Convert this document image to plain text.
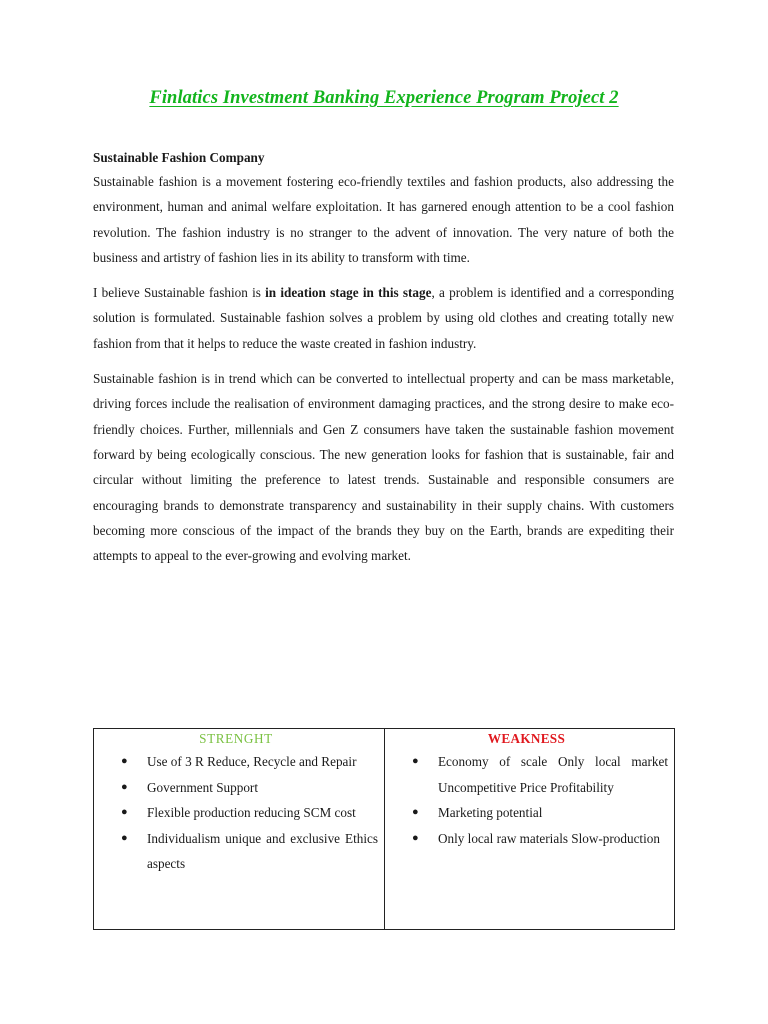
Finlatics Investment Banking Experience Program Project 2

Sustainable Fashion Company

Sustainable fashion is a movement fostering eco-friendly textiles and fashion products, also addressing the environment, human and animal welfare exploitation. It has garnered enough attention to be a cool fashion revolution. The fashion industry is no stranger to the advent of innovation. The very nature of both the business and artistry of fashion lies in its ability to transform with time.

I believe Sustainable fashion is in ideation stage in this stage, a problem is identified and a corresponding solution is formulated. Sustainable fashion solves a problem by using old clothes and creating totally new fashion from that it helps to reduce the waste created in fashion industry.

Sustainable fashion is in trend which can be converted to intellectual property and can be mass marketable, driving forces include the realisation of environment damaging practices, and the strong desire to make eco-friendly choices. Further, millennials and Gen Z consumers have taken the sustainable fashion movement forward by being ecologically conscious. The new generation looks for fashion that is sustainable, fair and circular without limiting the preference to latest trends. Sustainable and responsible consumers are encouraging brands to demonstrate transparency and sustainability in their supply chains. With customers becoming more conscious of the impact of the brands they buy on the Earth, brands are expediting their attempts to appeal to the ever-growing and evolving market.

STRENGHT
● Use of 3 R Reduce, Recycle and Repair
● Government Support
● Flexible production reducing SCM cost
● Individualism unique and exclusive Ethics aspects
WEAKNESS
● Economy of scale Only local market Uncompetitive Price Profitability
● Marketing potential
● Only local raw materials Slow-production
